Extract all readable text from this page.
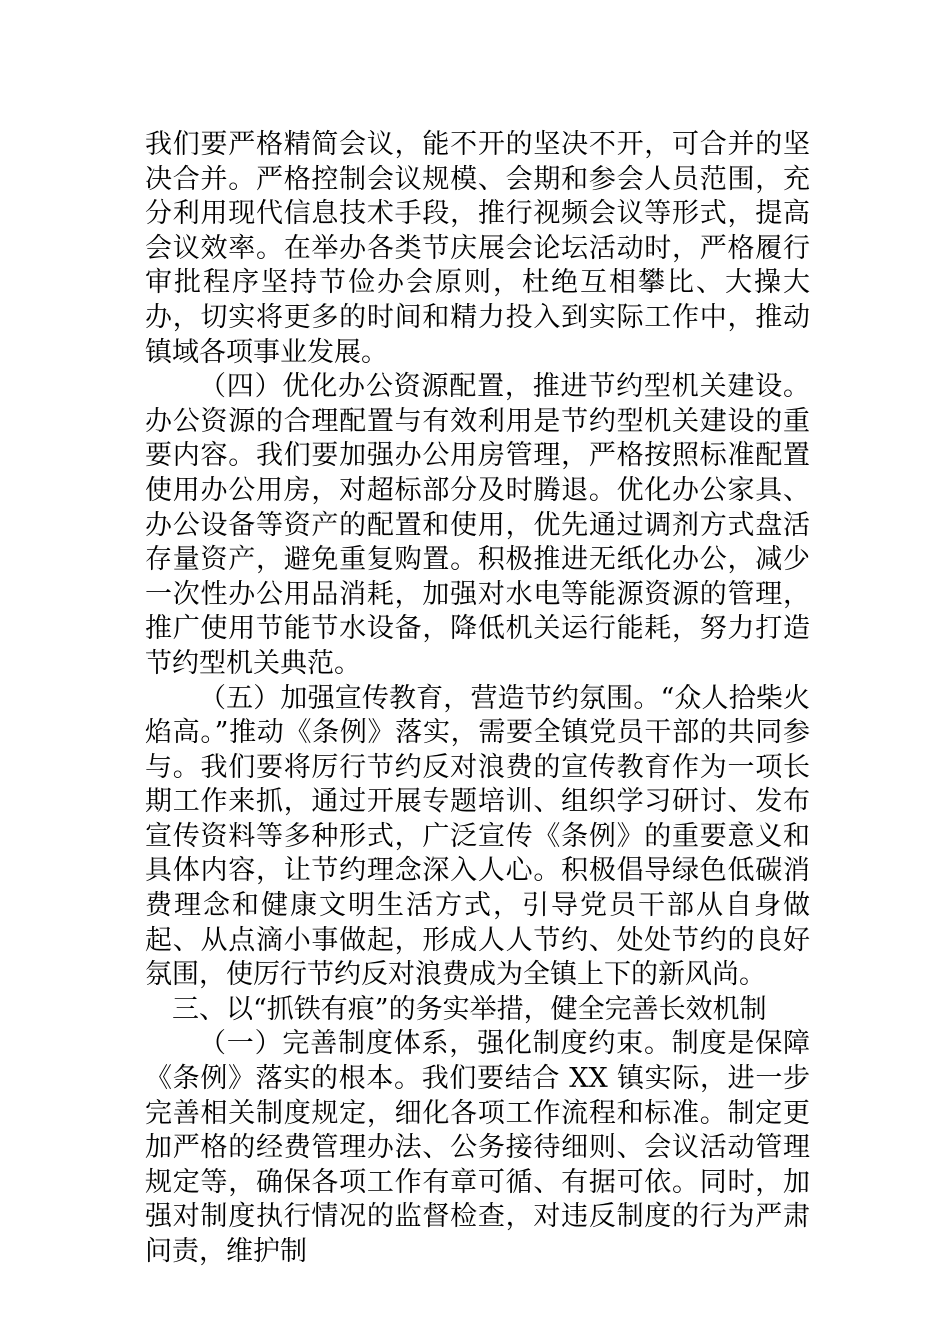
我们要严格精简会议，能不开的坚决不开，可合并的坚决合并。严格控制会议规模、会期和参会人员范围，充分利用现代信息技术手段，推行视频会议等形式，提高会议效率。在举办各类节庆展会论坛活动时，严格履行审批程序坚持节俭办会原则，杜绝互相攀比、大操大办，切实将更多的时间和精力投入到实际工作中，推动镇域各项事业发展。

（四）优化办公资源配置，推进节约型机关建设。办公资源的合理配置与有效利用是节约型机关建设的重要内容。我们要加强办公用房管理，严格按照标准配置使用办公用房，对超标部分及时腾退。优化办公家具、办公设备等资产的配置和使用，优先通过调剂方式盘活存量资产，避免重复购置。积极推进无纸化办公，减少一次性办公用品消耗，加强对水电等能源资源的管理，推广使用节能节水设备，降低机关运行能耗，努力打造节约型机关典范。

（五）加强宣传教育，营造节约氛围。“众人拾柴火焰高。”推动《条例》落实，需要全镇党员干部的共同参与。我们要将厉行节约反对浪费的宣传教育作为一项长期工作来抓，通过开展专题培训、组织学习研讨、发布宣传资料等多种形式，广泛宣传《条例》的重要意义和具体内容，让节约理念深入人心。积极倡导绿色低碳消费理念和健康文明生活方式，引导党员干部从自身做起、从点滴小事做起，形成人人节约、处处节约的良好氛围，使厉行节约反对浪费成为全镇上下的新风尚。

三、以“抓铁有痕”的务实举措，健全完善长效机制

（一）完善制度体系，强化制度约束。制度是保障《条例》落实的根本。我们要结合 XX 镇实际，进一步完善相关制度规定，细化各项工作流程和标准。制定更加严格的经费管理办法、公务接待细则、会议活动管理规定等，确保各项工作有章可循、有据可依。同时，加强对制度执行情况的监督检查，对违反制度的行为严肃问责，维护制
